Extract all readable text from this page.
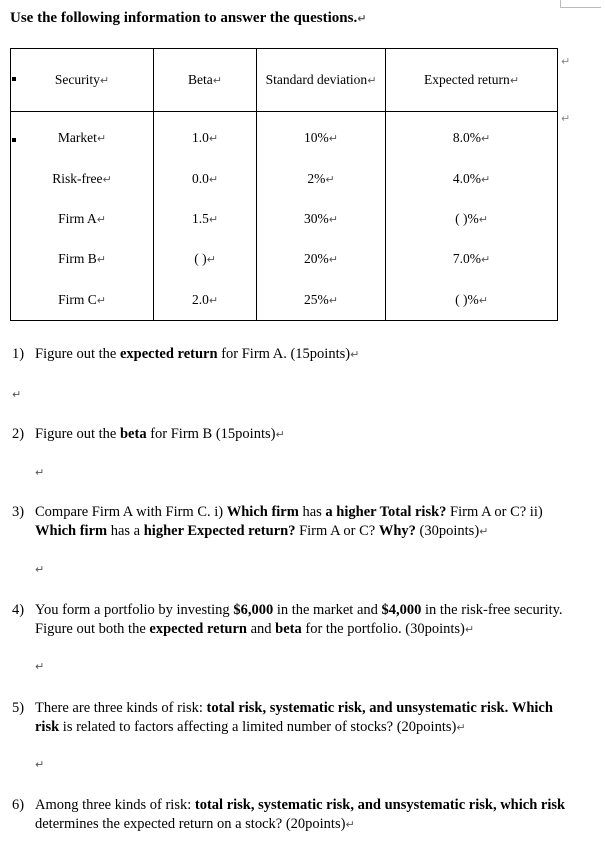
Use the following information to answer the questions.↵
↵
↵
Security↵	Beta↵	Standard deviation↵	Expected return↵
Market↵	1.0↵	10%↵	8.0%↵
Risk-free↵	0.0↵	2%↵	4.0%↵
Firm A↵	1.5↵	30%↵	( )%↵
Firm B↵	( )↵	20%↵	7.0%↵
Firm C↵	2.0↵	25%↵	( )%↵
1) Figure out the expected return for Firm A. (15points)↵
↵
2) Figure out the beta for Firm B (15points)↵
↵
3) Compare Firm A with Firm C. i) Which firm has a higher Total risk? Firm A or C? ii) Which firm has a higher Expected return? Firm A or C? Why? (30points)↵
↵
4) You form a portfolio by investing $6,000 in the market and $4,000 in the risk-free security. Figure out both the expected return and beta for the portfolio. (30points)↵
↵
5) There are three kinds of risk: total risk, systematic risk, and unsystematic risk. Which risk is related to factors affecting a limited number of stocks? (20points)↵
↵
6) Among three kinds of risk: total risk, systematic risk, and unsystematic risk, which risk determines the expected return on a stock? (20points)↵
